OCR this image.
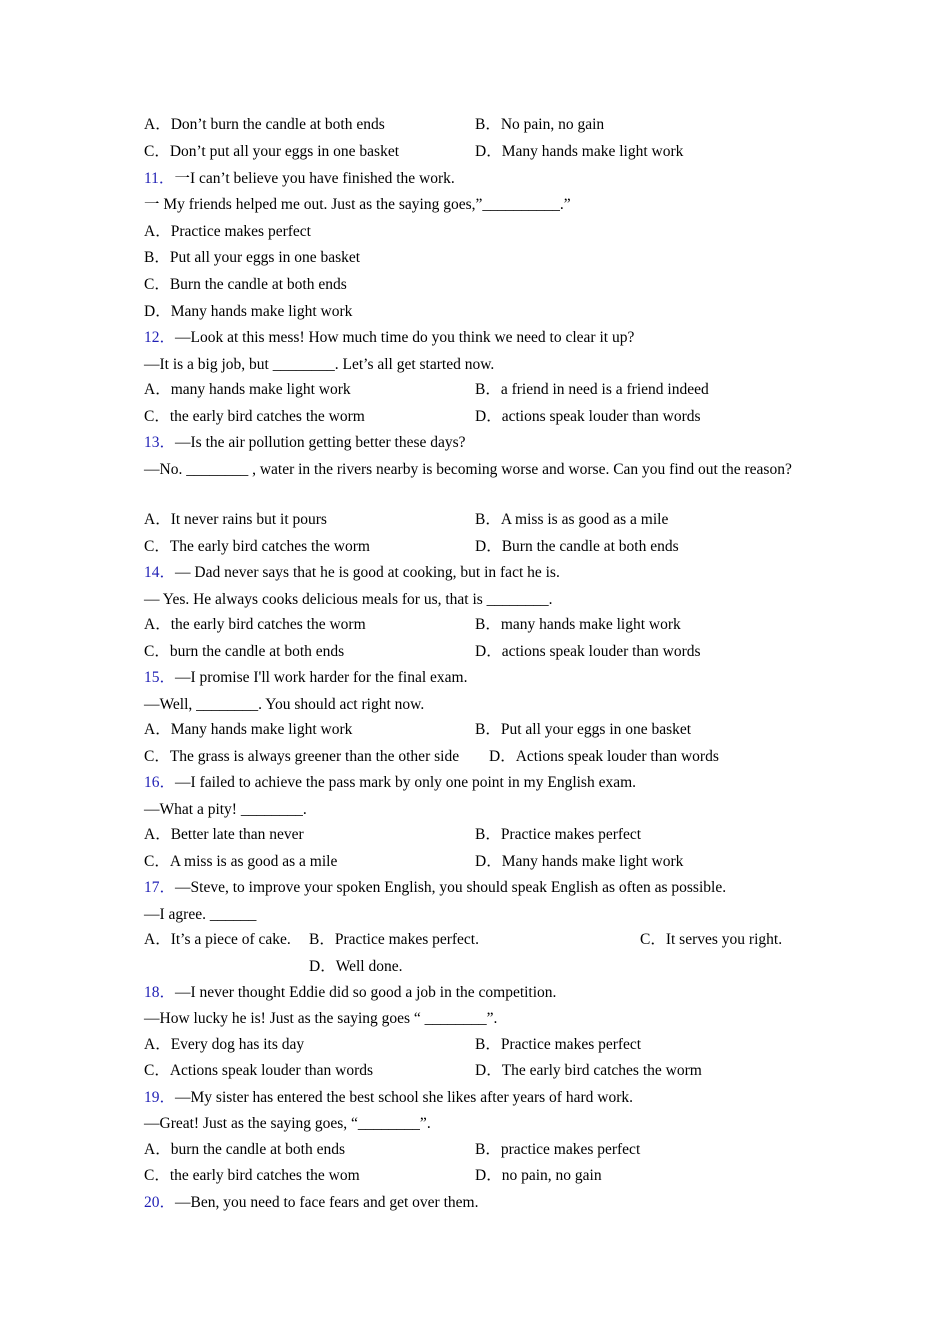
A．Don’t burn the candle at both ends	B．No pain, no gain
C．Don’t put all your eggs in one basket	D．Many hands make light work
11．一I can’t believe you have finished the work.
一 My friends helped me out. Just as the saying goes,”__________.”
A．Practice makes perfect
B．Put all your eggs in one basket
C．Burn the candle at both ends
D．Many hands make light work
12．—Look at this mess! How much time do you think we need to clear it up?
—It is a big job, but ________. Let’s all get started now.
A．many hands make light work	B．a friend in need is a friend indeed
C．the early bird catches the worm	D．actions speak louder than words
13．—Is the air pollution getting better these days?
—No. ________ , water in the rivers nearby is becoming worse and worse. Can you find out the reason?
A．It never rains but it pours	B．A miss is as good as a mile
C．The early bird catches the worm	D．Burn the candle at both ends
14．— Dad never says that he is good at cooking, but in fact he is.
— Yes. He always cooks delicious meals for us, that is ________.
A．the early bird catches the worm	B．many hands make light work
C．burn the candle at both ends	D．actions speak louder than words
15．—I promise I'll work harder for the final exam.
—Well, ________. You should act right now.
A．Many hands make light work	B．Put all your eggs in one basket
C．The grass is always greener than the other side D．Actions speak louder than words
16．—I failed to achieve the pass mark by only one point in my English exam.
—What a pity! ________.
A．Better late than never	B．Practice makes perfect
C．A miss is as good as a mile	D．Many hands make light work
17．—Steve, to improve your spoken English, you should speak English as often as possible.
—I agree. ______
A．It’s a piece of cake. B．Practice makes perfect.	C．It serves you right.
D．Well done.
18．—I never thought Eddie did so good a job in the competition.
—How lucky he is! Just as the saying goes “ ________”.
A．Every dog has its day	B．Practice makes perfect
C．Actions speak louder than words	D．The early bird catches the worm
19．—My sister has entered the best school she likes after years of hard work.
—Great! Just as the saying goes, “________”.
A．burn the candle at both ends	B．practice makes perfect
C．the early bird catches the wom	D．no pain, no gain
20．—Ben, you need to face fears and get over them.
